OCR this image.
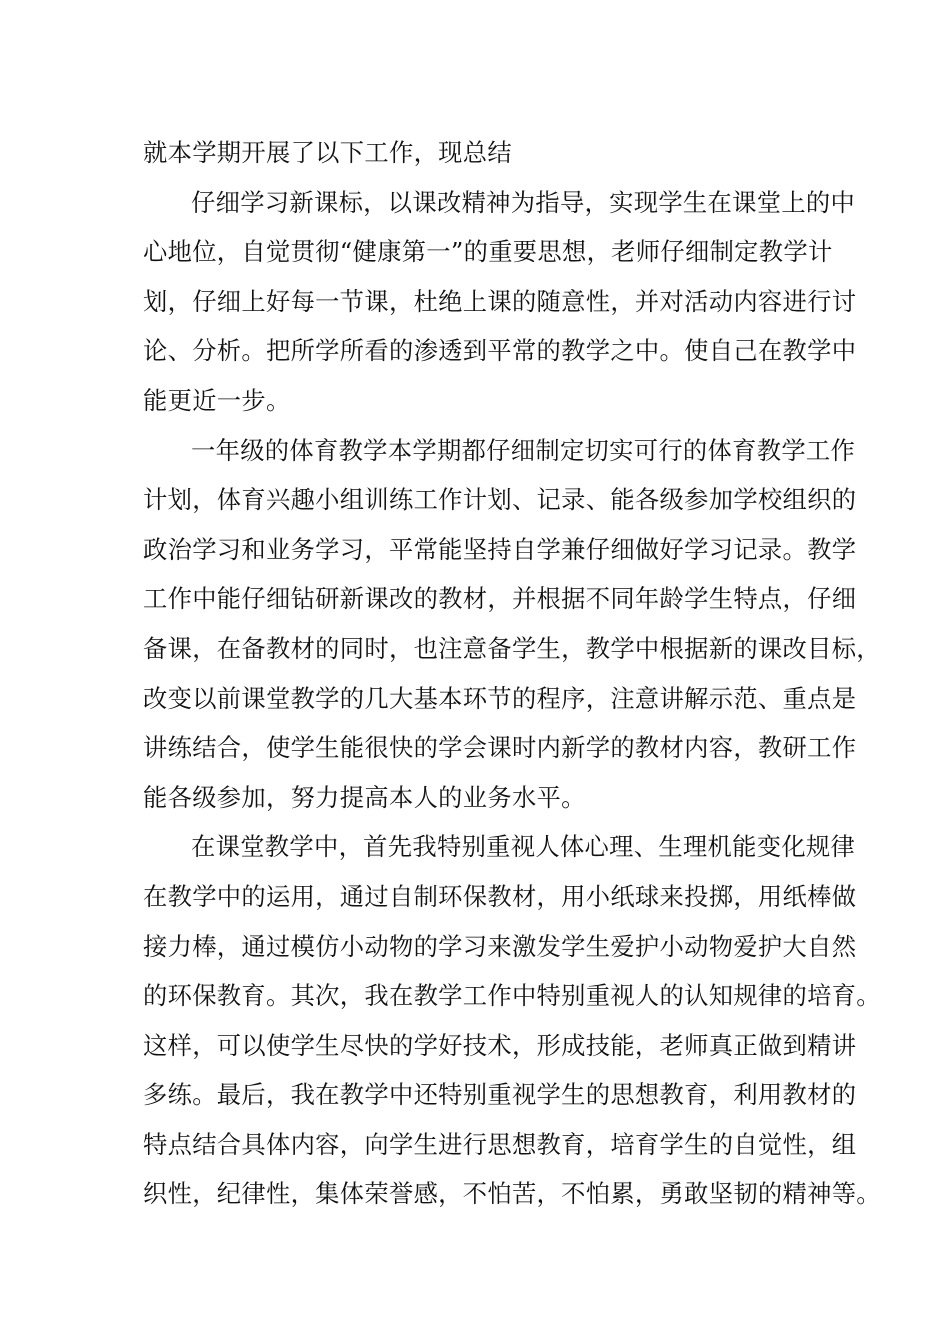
就本学期开展了以下工作，现总结
仔细学习新课标，以课改精神为指导，实现学生在课堂上的中
心地位，自觉贯彻“健康第一”的重要思想，老师仔细制定教学计
划，仔细上好每一节课，杜绝上课的随意性，并对活动内容进行讨
论、分析。把所学所看的渗透到平常的教学之中。使自己在教学中
能更近一步。
一年级的体育教学本学期都仔细制定切实可行的体育教学工作
计划，体育兴趣小组训练工作计划、记录、能各级参加学校组织的
政治学习和业务学习，平常能坚持自学兼仔细做好学习记录。教学
工作中能仔细钻研新课改的教材，并根据不同年龄学生特点，仔细
备课，在备教材的同时，也注意备学生，教学中根据新的课改目标，
改变以前课堂教学的几大基本环节的程序，注意讲解示范、重点是
讲练结合，使学生能很快的学会课时内新学的教材内容，教研工作
能各级参加，努力提高本人的业务水平。
在课堂教学中，首先我特别重视人体心理、生理机能变化规律
在教学中的运用，通过自制环保教材，用小纸球来投掷，用纸棒做
接力棒，通过模仿小动物的学习来激发学生爱护小动物爱护大自然
的环保教育。其次，我在教学工作中特别重视人的认知规律的培育。
这样，可以使学生尽快的学好技术，形成技能，老师真正做到精讲
多练。最后，我在教学中还特别重视学生的思想教育，利用教材的
特点结合具体内容，向学生进行思想教育，培育学生的自觉性，组
织性，纪律性，集体荣誉感，不怕苦，不怕累，勇敢坚韧的精神等。
